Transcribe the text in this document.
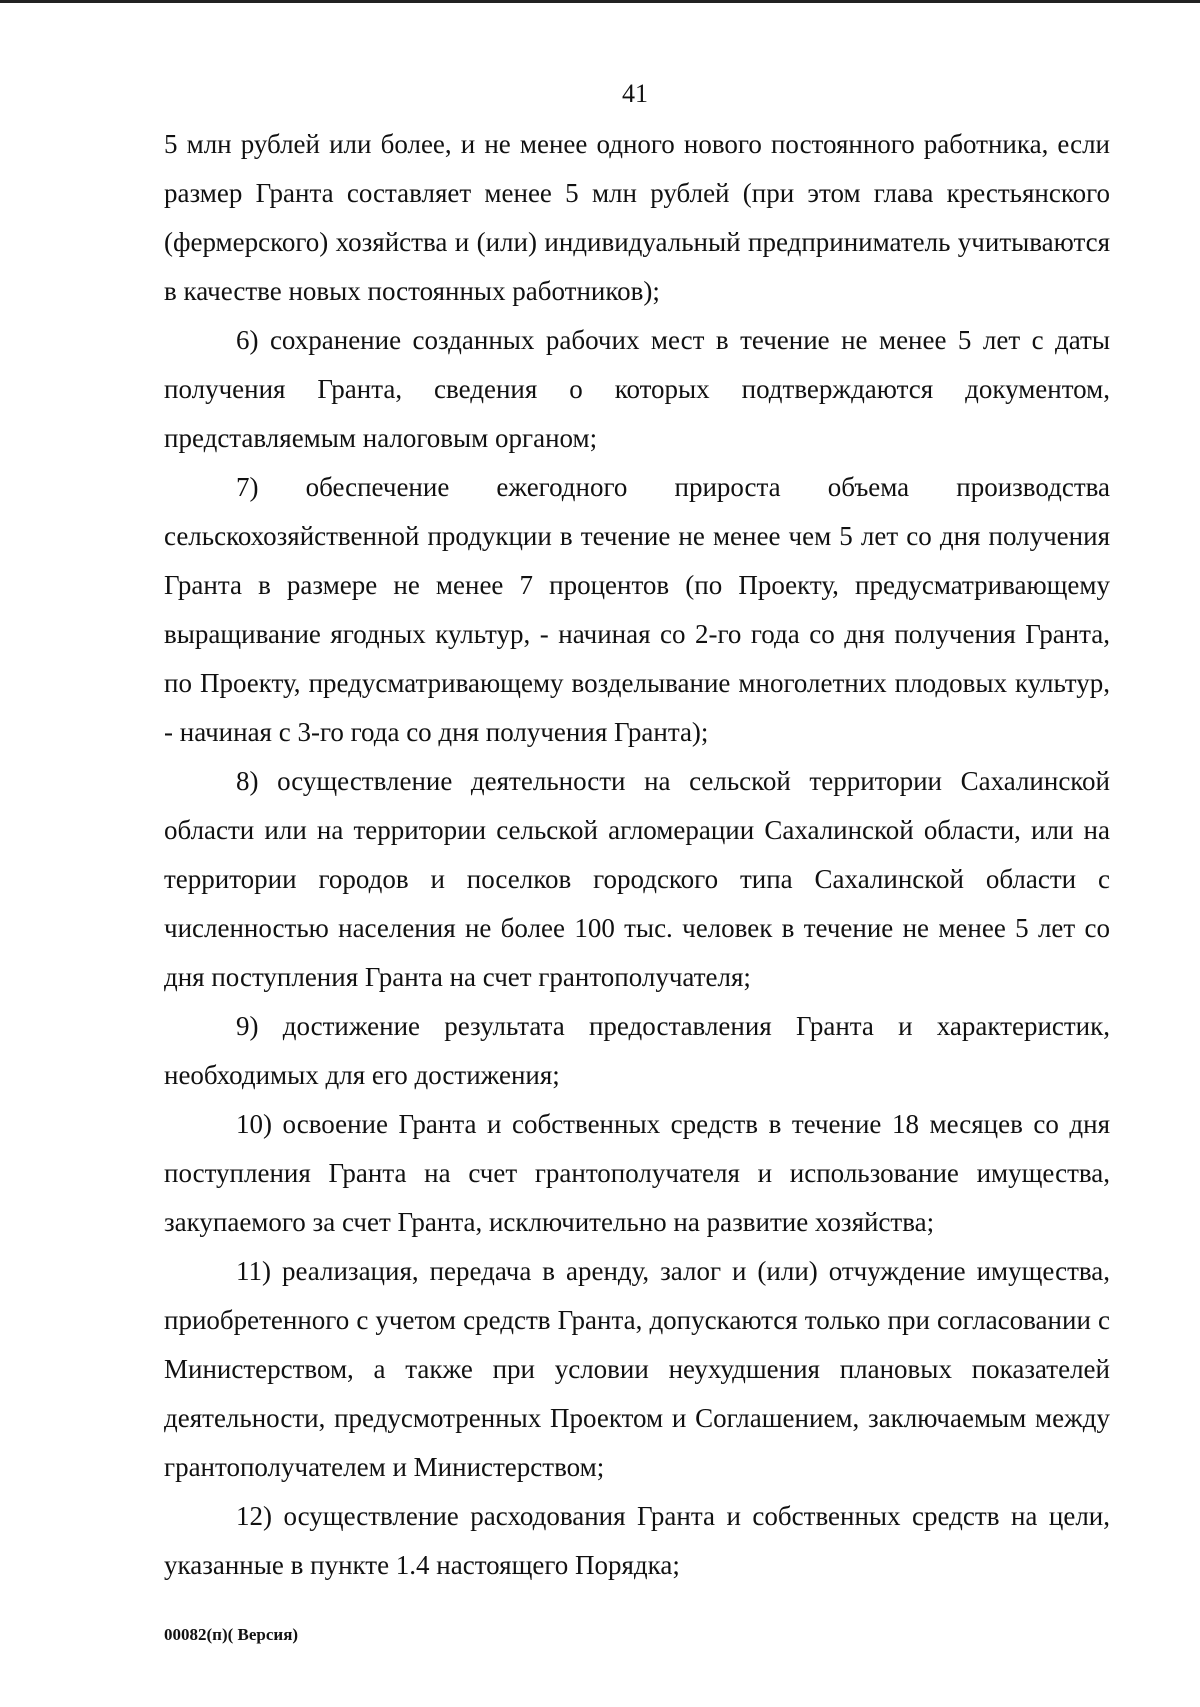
41

5 млн рублей или более, и не менее одного нового постоянного работника, если размер Гранта составляет менее 5 млн рублей (при этом глава крестьянского (фермерского) хозяйства и (или) индивидуальный предприниматель учитываются в качестве новых постоянных работников);

6) сохранение созданных рабочих мест в течение не менее 5 лет с даты получения Гранта, сведения о которых подтверждаются документом, представляемым налоговым органом;

7) обеспечение ежегодного прироста объема производства сельскохозяйственной продукции в течение не менее чем 5 лет со дня получения Гранта в размере не менее 7 процентов (по Проекту, предусматривающему выращивание ягодных культур, - начиная со 2-го года со дня получения Гранта, по Проекту, предусматривающему возделывание многолетних плодовых культур, - начиная с 3-го года со дня получения Гранта);

8) осуществление деятельности на сельской территории Сахалинской области или на территории сельской агломерации Сахалинской области, или на территории городов и поселков городского типа Сахалинской области с численностью населения не более 100 тыс. человек в течение не менее 5 лет со дня поступления Гранта на счет грантополучателя;

9) достижение результата предоставления Гранта и характеристик, необходимых для его достижения;

10) освоение Гранта и собственных средств в течение 18 месяцев со дня поступления Гранта на счет грантополучателя и использование имущества, закупаемого за счет Гранта, исключительно на развитие хозяйства;

11) реализация, передача в аренду, залог и (или) отчуждение имущества, приобретенного с учетом средств Гранта, допускаются только при согласовании с Министерством, а также при условии неухудшения плановых показателей деятельности, предусмотренных Проектом и Соглашением, заключаемым между грантополучателем и Министерством;

12) осуществление расходования Гранта и собственных средств на цели, указанные в пункте 1.4 настоящего Порядка;

00082(п)( Версия)
